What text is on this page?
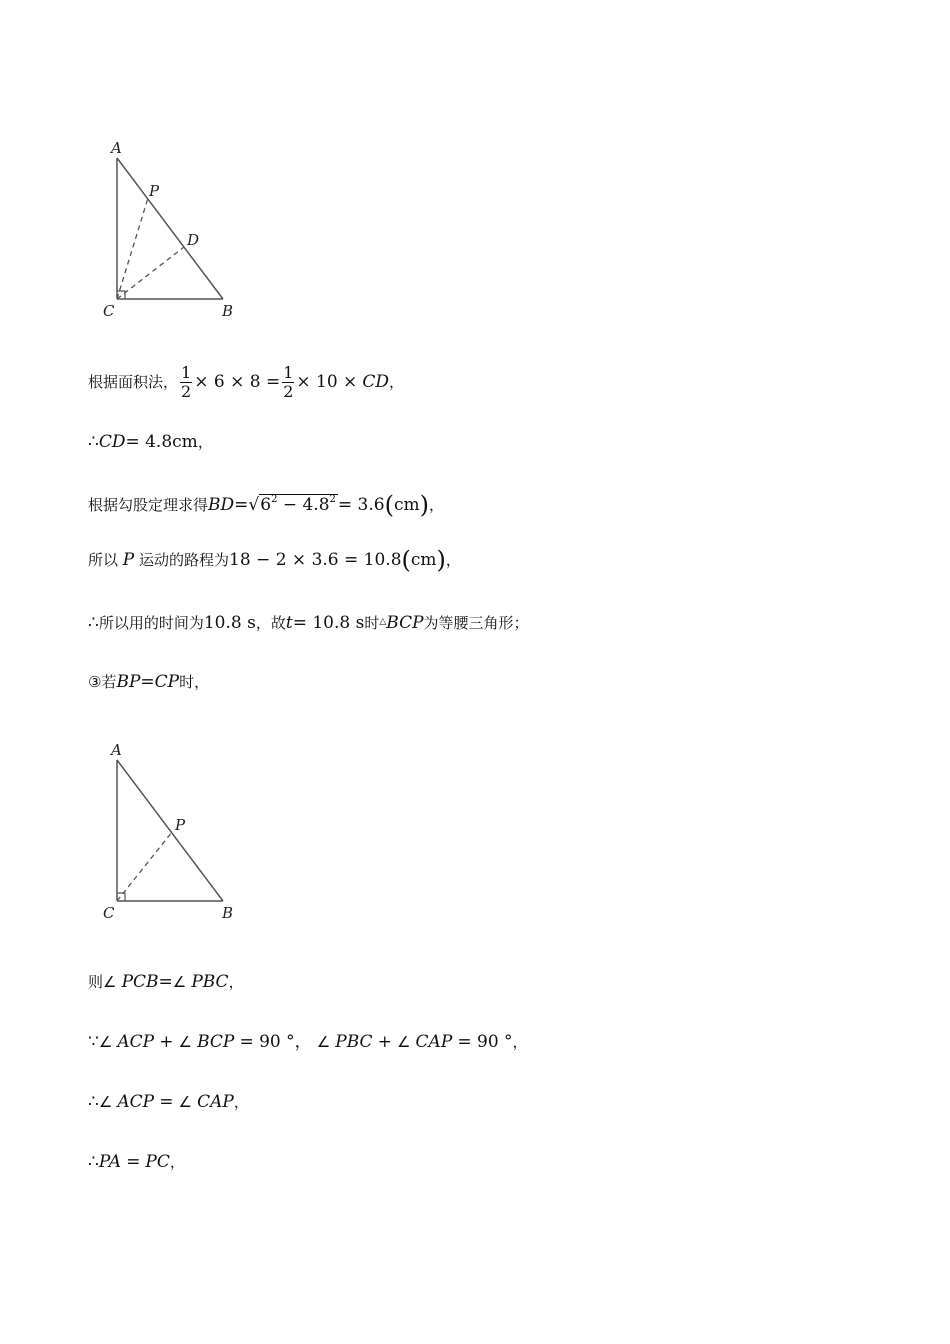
A
P
D
C	B
根据面积法， $\frac{1}{2} \times 6 \times 8 = \frac{1}{2} \times 10$ × CD，
∴CD= 4.8cm，
根据勾股定理求得$BD=√6^2 - 4.8^2 = 3.6(cm)$，
所以 P 运动的路程为18 − 2 × 3.6 = 10.8(cm)，
∴所以用的时间为10.8 s，故t= 10.8 s时△BCP为等腰三角形；
③若BP=CP时，
A
P
C	B
则∠ PCB=∠ PBC，
∵∠ ACP + ∠ BCP = 90 °， ∠ PBC + ∠ CAP = 90 °，
∴∠ ACP = ∠ CAP，
∴PA = PC，
